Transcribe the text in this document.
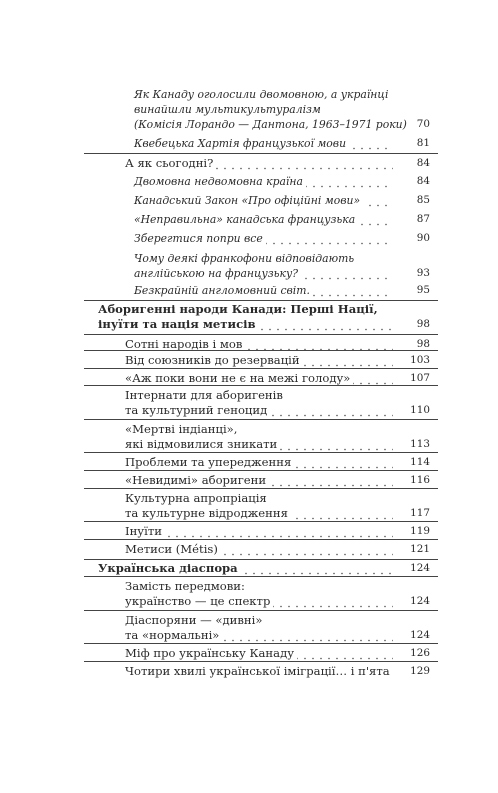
Як Канаду оголосили двомовною, а українці
винайшли мультикультуралізм
(Комісія Лорандо — Дантона, 1963–1971 роки) 70
Квебецька Хартія французької мови	81
А як сьогодні?	84
Двомовна недвомовна країна	84
Канадський Закон «Про офіційні мови»	85
«Неправильна» канадська французька	87
Зберегтися попри все	90
Чому деякі франкофони відповідають
англійською на французьку?	93
Безкрайній англомовний світ.	95
Аборигенні народи Канади: Перші Нації,
інуїти та нація метисів	98
Сотні народів і мов	98
Від союзників до резервацій	103
«Аж поки вони не є на межі голоду»	107
Інтернати для аборигенів
та культурний геноцид	110
«Мертві індіанці»,
які відмовилися зникати	113
Проблеми та упередження	114
«Невидимі» аборигени	116
Культурна апропріація
та культурне відродження	117
Інуїти	119
Метиси (Métis)	121
Українська діаспора	124
Замість передмови:
українство — це спектр	124
Діаспоряни — «дивні»
та «нормальні»	124
Міф про українську Канаду	126
Чотири хвилі української іміграції… і п'ята	129
